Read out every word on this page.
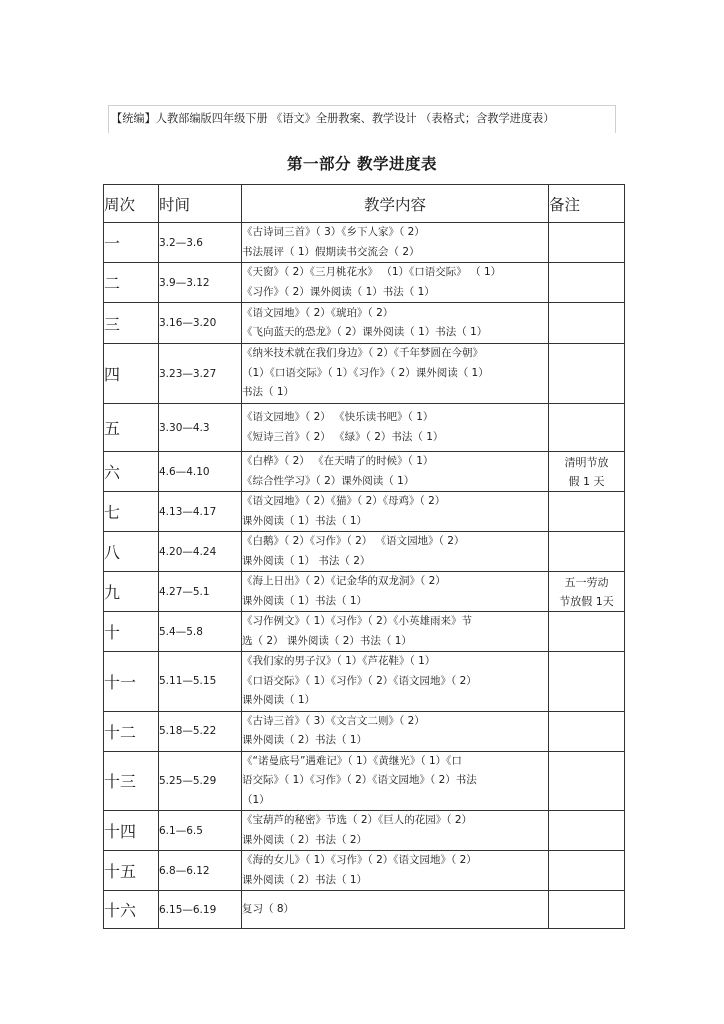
【统编】人教部编版四年级下册 《语文》全册教案、教学设计 （表格式；含教学进度表）
第一部分 教学进度表
周次	时间	教学内容	备注
一	3.2—3.6	《古诗词三首》（ 3）《乡下人家》（ 2）
书法展评（ 1）假期读书交流会（ 2）	
二	3.9—3.12	《天窗》（ 2）《三月桃花水》 （1）《口语交际》 （ 1）
《习作》（ 2）课外阅读（ 1）书法（ 1）	
三	3.16—3.20	《语文园地》（ 2）《琥珀》（ 2）
《飞向蓝天的恐龙》（ 2）课外阅读（ 1）书法（ 1）	
四	3.23—3.27	《纳米技术就在我们身边》（ 2）《千年梦圆在今朝》
（1）《口语交际》（ 1）《习作》（ 2）课外阅读（ 1）
书法（ 1）	
五	3.30—4.3	《语文园地》（ 2） 《快乐读书吧》（ 1）
《短诗三首》（ 2） 《绿》（ 2）书法（ 1）	
六	4.6—4.10	《白桦》（ 2） 《在天晴了的时候》（ 1）
《综合性学习》（ 2）课外阅读（ 1）	清明节放
假 1 天
七	4.13—4.17	《语文园地》（ 2）《猫》（ 2）《母鸡》（ 2）
课外阅读（ 1）书法（ 1）	
八	4.20—4.24	《白鹅》（ 2）《习作》（ 2） 《语文园地》（ 2）
课外阅读（ 1） 书法（ 2）	
九	4.27—5.1	《海上日出》（ 2）《记金华的双龙洞》（ 2）
课外阅读（ 1）书法（ 1）	五一劳动
节放假 1天
十	5.4—5.8	《习作例文》（ 1）《习作》（ 2）《小英雄雨来》节
选（ 2） 课外阅读（ 2）书法（ 1）	
十一	5.11—5.15	《我们家的男子汉》（ 1）《芦花鞋》（ 1）
《口语交际》（ 1）《习作》（ 2）《语文园地》（ 2）
课外阅读（ 1）	
十二	5.18—5.22	《古诗三首》（ 3）《文言文二则》（ 2）
课外阅读（ 2）书法（ 1）	
十三	5.25—5.29	《“诺曼底号”遇难记》（ 1）《黄继光》（ 1）《口
语交际》（ 1）《习作》（ 2）《语文园地》（ 2）书法
（1）	
十四	6.1—6.5	《宝葫芦的秘密》节选（ 2）《巨人的花园》（ 2）
课外阅读（ 2）书法（ 2）	
十五	6.8—6.12	《海的女儿》（ 1）《习作》（ 2）《语文园地》（ 2）
课外阅读（ 2）书法（ 1）	
十六	6.15—6.19	复习（ 8）	
